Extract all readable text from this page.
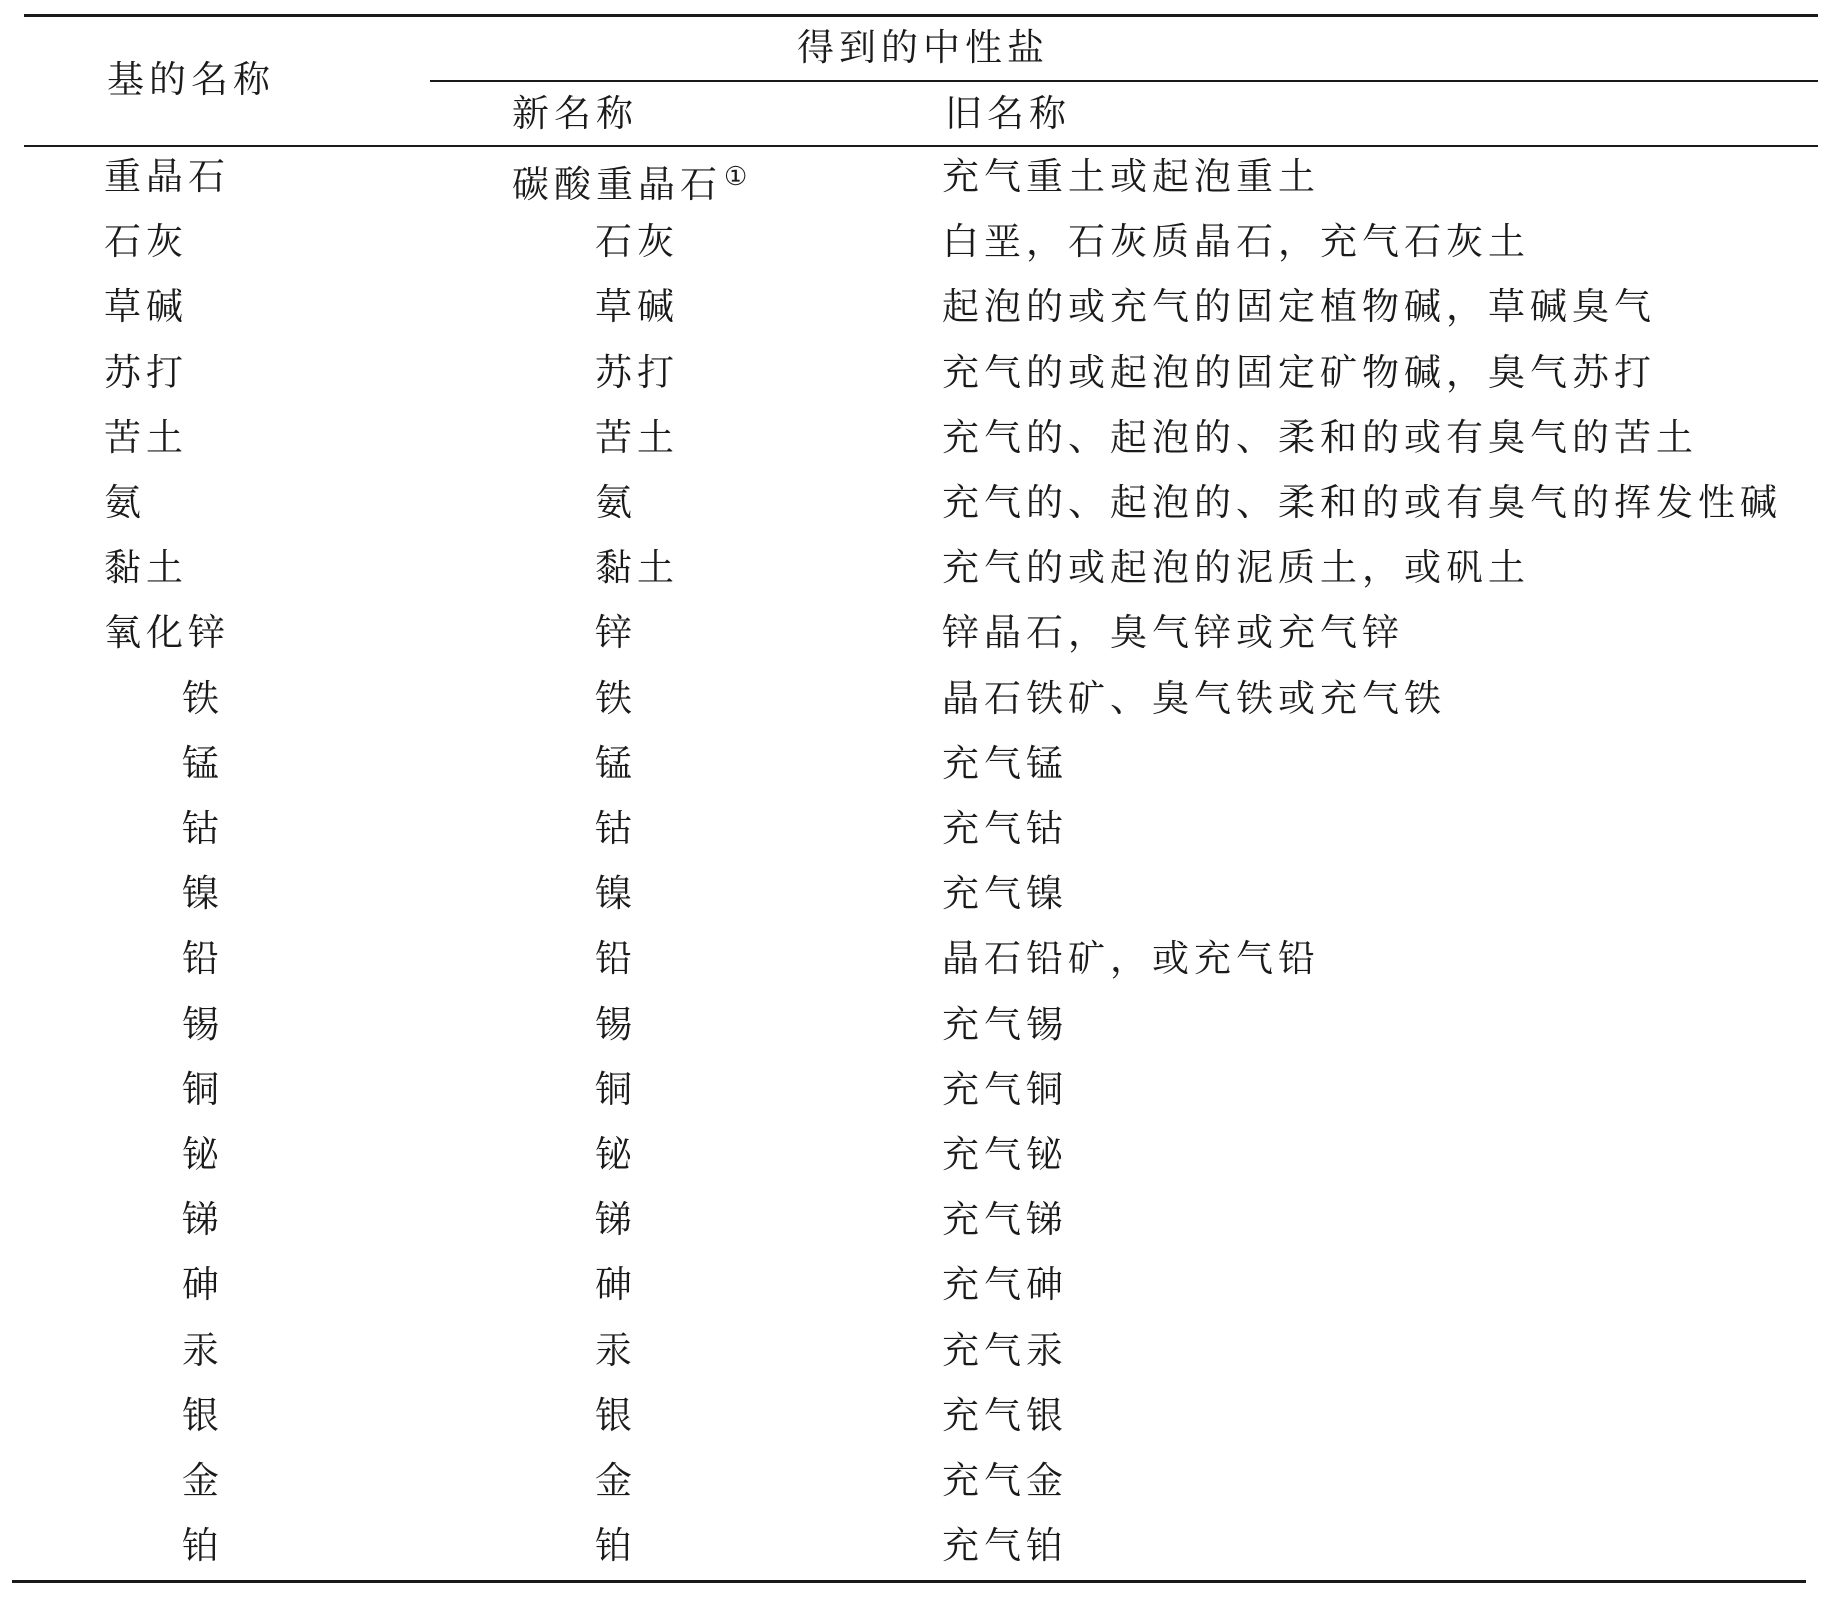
基的名称
得到的中性盐
新名称	旧名称
重晶石	碳酸重晶石①	充气重土或起泡重土
石灰	石灰	白垩，石灰质晶石，充气石灰土
草碱	草碱	起泡的或充气的固定植物碱，草碱臭气
苏打	苏打	充气的或起泡的固定矿物碱，臭气苏打
苦土	苦土	充气的、起泡的、柔和的或有臭气的苦土
氨	氨	充气的、起泡的、柔和的或有臭气的挥发性碱
黏土	黏土	充气的或起泡的泥质土，或矾土
氧化锌	锌	锌晶石，臭气锌或充气锌
铁	铁	晶石铁矿、臭气铁或充气铁
锰	锰	充气锰
钴	钴	充气钴
镍	镍	充气镍
铅	铅	晶石铅矿，或充气铅
锡	锡	充气锡
铜	铜	充气铜
铋	铋	充气铋
锑	锑	充气锑
砷	砷	充气砷
汞	汞	充气汞
银	银	充气银
金	金	充气金
铂	铂	充气铂
